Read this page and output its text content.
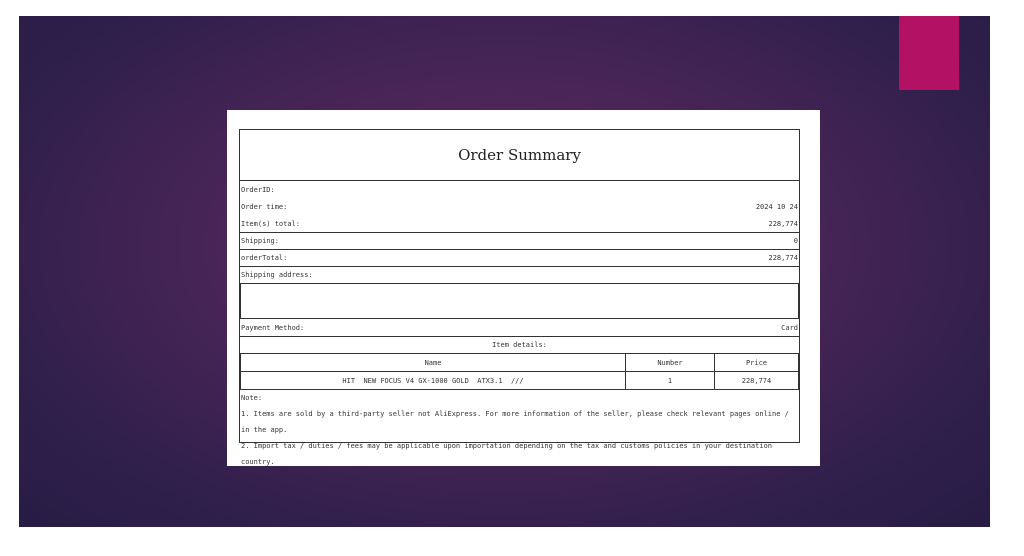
Order Summary
OrderID:
Order time:	2024 10 24
Item(s) total:	228,774
Shipping:	0
orderTotal:	228,774
Shipping address:
Payment Method:	Card
Item details:
Name	Number	Price
HIT  NEW FOCUS V4 GX-1000 GOLD  ATX3.1  ///	1	228,774
Note:
1. Items are sold by a third-party seller not AliExpress. For more information of the seller, please check relevant pages online / in the app.
2. Import tax / duties / fees may be applicable upon importation depending on the tax and customs policies in your destination country.
